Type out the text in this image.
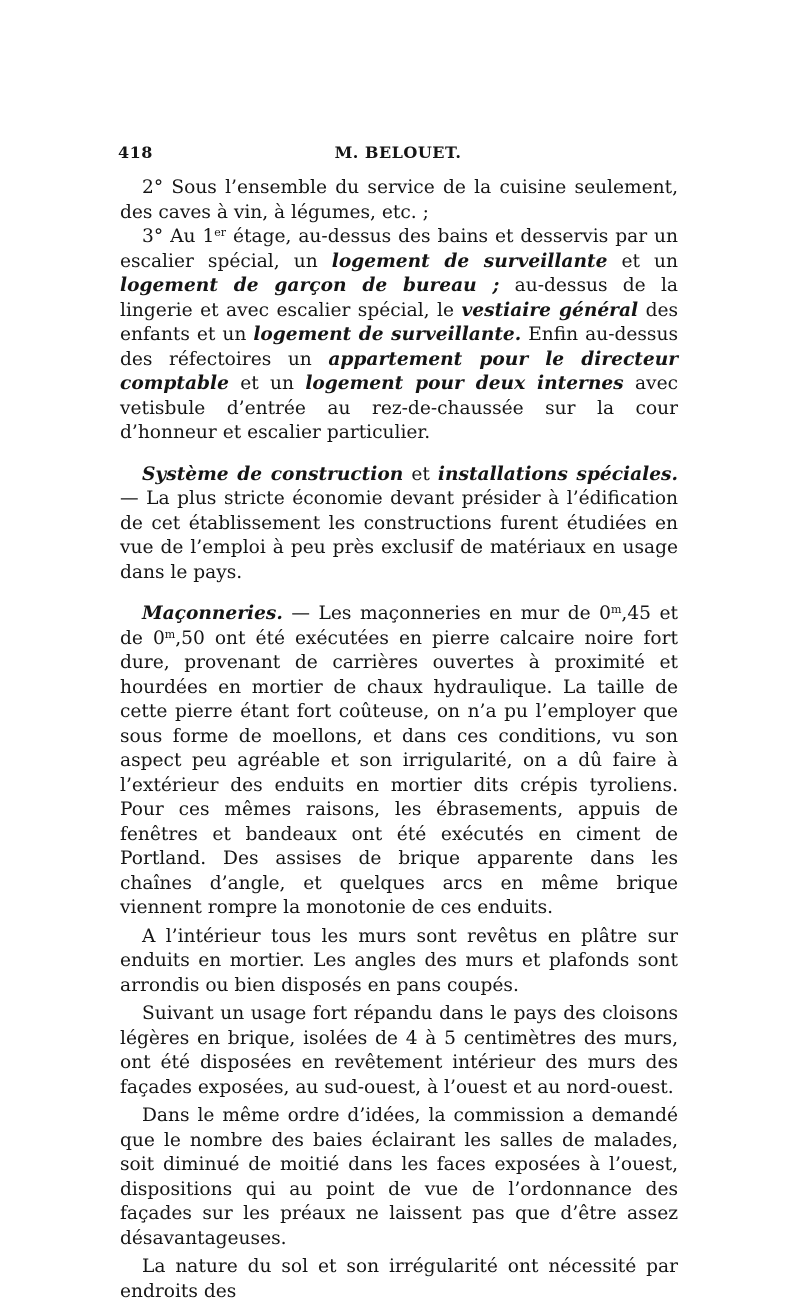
418	M. BELOUET.

2° Sous l’ensemble du service de la cuisine seulement, des caves à vin, à légumes, etc. ;

3° Au 1er étage, au-dessus des bains et desservis par un escalier spécial, un logement de surveillante et un logement de garçon de bureau ; au-dessus de la lingerie et avec escalier spécial, le vestiaire général des enfants et un logement de surveillante. Enfin au-dessus des réfectoires un appartement pour le directeur comptable et un logement pour deux internes avec vetisbule d’entrée au rez-de-chaussée sur la cour d’honneur et escalier particulier.

Système de construction et installations spéciales. — La plus stricte économie devant présider à l’édification de cet établissement les constructions furent étudiées en vue de l’emploi à peu près exclusif de matériaux en usage dans le pays.

Maçonneries. — Les maçonneries en mur de 0$^m$,45 et de 0$^m$,50 ont été exécutées en pierre calcaire noire fort dure, provenant de carrières ouvertes à proximité et hourdées en mortier de chaux hydraulique. La taille de cette pierre étant fort coûteuse, on n’a pu l’employer que sous forme de moellons, et dans ces conditions, vu son aspect peu agréable et son irrigularité, on a dû faire à l’extérieur des enduits en mortier dits crépis tyroliens. Pour ces mêmes raisons, les ébrasements, appuis de fenêtres et bandeaux ont été exécutés en ciment de Portland. Des assises de brique apparente dans les chaînes d’angle, et quelques arcs en même brique viennent rompre la monotonie de ces enduits.

A l’intérieur tous les murs sont revêtus en plâtre sur enduits en mortier. Les angles des murs et plafonds sont arrondis ou bien disposés en pans coupés.

Suivant un usage fort répandu dans le pays des cloisons légères en brique, isolées de 4 à 5 centimètres des murs, ont été disposées en revêtement intérieur des murs des façades exposées, au sud-ouest, à l’ouest et au nord-ouest.

Dans le même ordre d’idées, la commission a demandé que le nombre des baies éclairant les salles de malades, soit diminué de moitié dans les faces exposées à l’ouest, dispositions qui au point de vue de l’ordonnance des façades sur les préaux ne laissent pas que d’être assez désavantageuses.

La nature du sol et son irrégularité ont nécessité par endroits des
